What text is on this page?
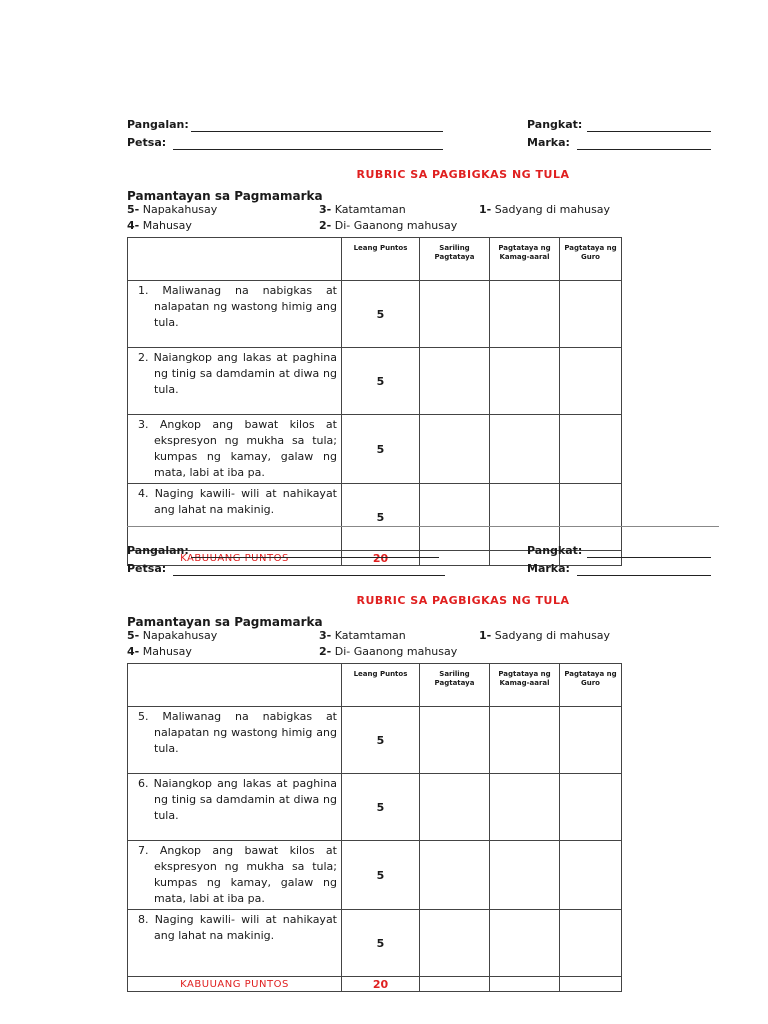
Pangalan:	Pangkat:
Petsa:	Marka:
RUBRIC SA PAGBIGKAS NG TULA
Pamantayan sa Pagmamarka
5- Napakahusay	3- Katamtaman	1- Sadyang di mahusay
4- Mahusay	2- Di- Gaanong mahusay
	Leang Puntos	Sariling Pagtataya	Pagtataya ng Kamag-aaral	Pagtataya ng Guro
1. Maliwanag na nabigkas at nalapatan ng wastong himig ang tula.	5			
2. Naiangkop ang lakas at paghina ng tinig sa damdamin at diwa ng tula.	5			
3. Angkop ang bawat kilos at ekspresyon ng mukha sa tula; kumpas ng kamay, galaw ng mata, labi at iba pa.	5			
4. Naging kawili- wili at nahikayat ang lahat na makinig.	5			
KABUUANG PUNTOS	20			
Pangalan:	Pangkat:
Petsa:	Marka:
RUBRIC SA PAGBIGKAS NG TULA
Pamantayan sa Pagmamarka
5- Napakahusay	3- Katamtaman	1- Sadyang di mahusay
4- Mahusay	2- Di- Gaanong mahusay
	Leang Puntos	Sariling Pagtataya	Pagtataya ng Kamag-aaral	Pagtataya ng Guro
5. Maliwanag na nabigkas at nalapatan ng wastong himig ang tula.	5			
6. Naiangkop ang lakas at paghina ng tinig sa damdamin at diwa ng tula.	5			
7. Angkop ang bawat kilos at ekspresyon ng mukha sa tula; kumpas ng kamay, galaw ng mata, labi at iba pa.	5			
8. Naging kawili- wili at nahikayat ang lahat na makinig.	5			
KABUUANG PUNTOS	20			
